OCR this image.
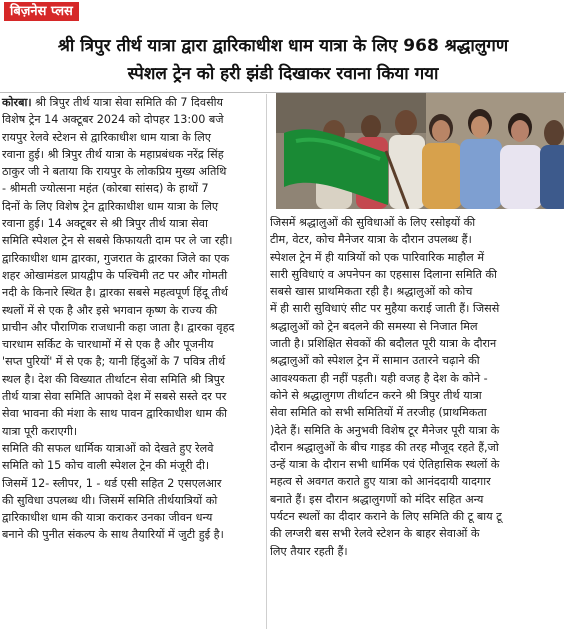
बिज़नेस प्लस
श्री त्रिपुर तीर्थ यात्रा द्वारा द्वारिकाधीश धाम यात्रा के लिए 968 श्रद्धालुगण
स्पेशल ट्रेन को हरी झंडी दिखाकर रवाना किया गया

कोरबा। श्री त्रिपुर तीर्थ यात्रा सेवा समिति की 7 दिवसीय

विशेष ट्रेन 14 अक्टूबर 2024 को दोपहर 13:00 बजे

रायपुर रेलवे स्टेशन से द्वारिकाधीश धाम यात्रा के लिए

रवाना हुई। श्री त्रिपुर तीर्थ यात्रा के महाप्रबंधक नरेंद्र सिंह

ठाकुर जी ने बताया कि रायपुर के लोकप्रिय मुख्य अतिथि

- श्रीमती ज्योत्सना महंत (कोरबा सांसद) के हाथों 7

दिनों के लिए विशेष ट्रेन द्वारिकाधीश धाम यात्रा के लिए

रवाना हुई। 14 अक्टूबर से श्री त्रिपुर तीर्थ यात्रा सेवा

समिति स्पेशल ट्रेन से सबसे किफायती दाम पर ले जा रही।

द्वारिकाधीश धाम द्वारका, गुजरात के द्वारका जिले का एक

शहर ओखामंडल प्रायद्वीप के पश्चिमी तट पर और गोमती

नदी के किनारे स्थित है। द्वारका सबसे महत्वपूर्ण हिंदू तीर्थ

स्थलों में से एक है और इसे भगवान कृष्ण के राज्य की

प्राचीन और पौराणिक राजधानी कहा जाता है। द्वारका वृहद

चारधाम सर्किट के चारधामों में से एक है और पूजनीय

'सप्त पुरियों' में से एक है; यानी हिंदुओं के 7 पवित्र तीर्थ

स्थल है। देश की विख्यात तीर्थाटन सेवा समिति श्री त्रिपुर

तीर्थ यात्रा सेवा समिति आपको देश में सबसे सस्ते दर पर

सेवा भावना की मंशा के साथ पावन द्वारिकाधीश धाम की

यात्रा पूरी कराएगी।

समिति की सफल धार्मिक यात्राओं को देखते हुए रेलवे

समिति को 15 कोच वाली स्पेशल ट्रेन की मंजूरी दी।

जिसमें 12- स्लीपर, 1 - थर्ड एसी सहित 2 एसएलआर

की सुविधा उपलब्ध थी। जिसमें समिति तीर्थयात्रियों को

द्वारिकाधीश धाम की यात्रा कराकर उनका जीवन धन्य

बनाने की पुनीत संकल्प के साथ तैयारियों में जुटी हुई है।

जिसमें श्रद्धालुओं की सुविधाओं के लिए रसोइयों की

टीम, वेटर, कोच मैनेजर यात्रा के दौरान उपलब्ध हैं।

स्पेशल ट्रेन में ही यात्रियों को एक पारिवारिक माहौल में

सारी सुविधाएं व अपनेपन का एहसास दिलाना समिति की

सबसे खास प्राथमिकता रही है। श्रद्धालुओं को कोच

में ही सारी सुविधाएं सीट पर मुहैया कराई जाती हैं। जिससे

श्रद्धालुओं को ट्रेन बदलने की समस्या से निजात मिल

जाती है। प्रशिक्षित सेवकों की बदौलत पूरी यात्रा के दौरान

श्रद्धालुओं को स्पेशल ट्रेन में सामान उतारने चढ़ाने की

आवश्यकता ही नहीं पड़ती। यही वजह है देश के कोने -

कोने से श्रद्धालुगण तीर्थाटन करने श्री त्रिपुर तीर्थ यात्रा

सेवा समिति को सभी समितियों में तरजीह (प्राथमिकता

)देते हैं। समिति के अनुभवी विशेष टूर मैनेजर पूरी यात्रा के

दौरान श्रद्धालुओं के बीच गाइड की तरह मौजूद रहते हैं,जो

उन्हें यात्रा के दौरान सभी धार्मिक एवं ऐतिहासिक स्थलों के

महत्व से अवगत कराते हुए यात्रा को आनंददायी यादगार

बनाते हैं। इस दौरान श्रद्धालुगणों को मंदिर सहित अन्य

पर्यटन स्थलों का दीदार कराने के लिए समिति की टू बाय टू

की लग्जरी बस सभी रेलवे स्टेशन के बाहर सेवाओं के

लिए तैयार रहती हैं।
